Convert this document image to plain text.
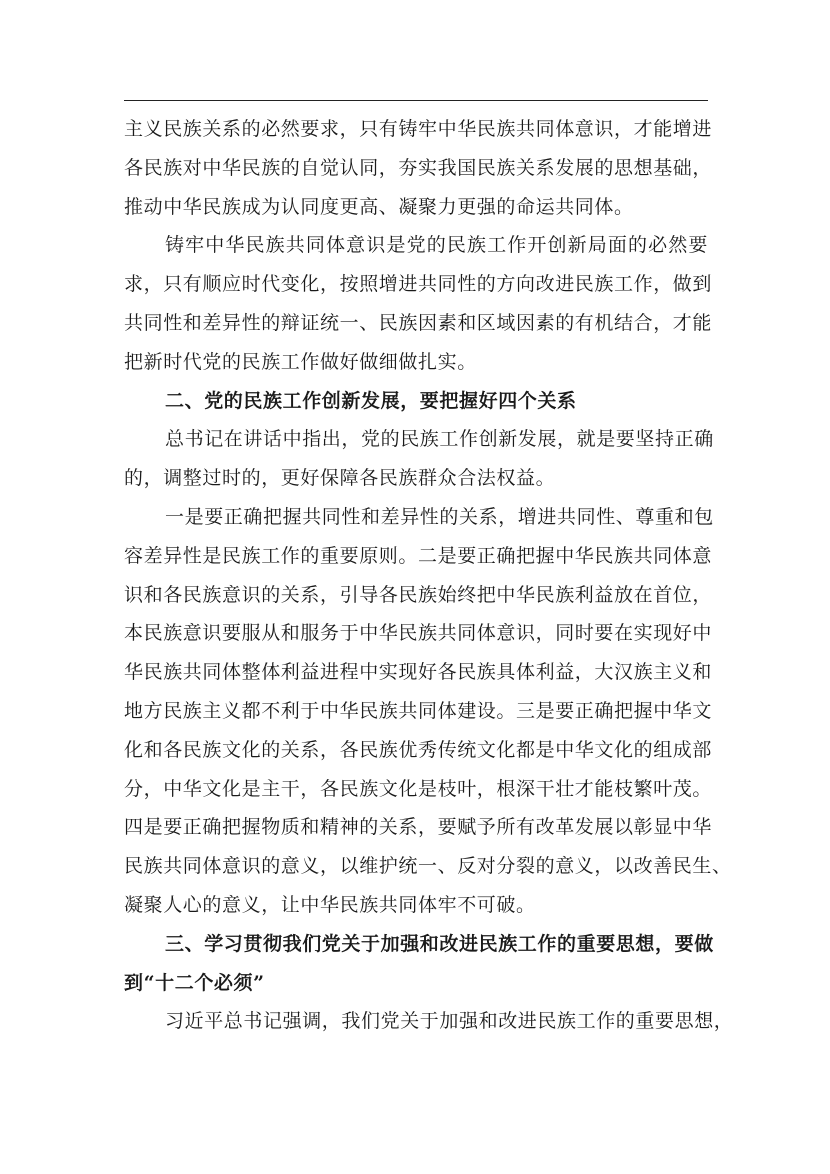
主义民族关系的必然要求，只有铸牢中华民族共同体意识，才能增进
各民族对中华民族的自觉认同，夯实我国民族关系发展的思想基础，
推动中华民族成为认同度更高、凝聚力更强的命运共同体。
铸牢中华民族共同体意识是党的民族工作开创新局面的必然要
求，只有顺应时代变化，按照增进共同性的方向改进民族工作，做到
共同性和差异性的辩证统一、民族因素和区域因素的有机结合，才能
把新时代党的民族工作做好做细做扎实。
二、党的民族工作创新发展，要把握好四个关系
总书记在讲话中指出，党的民族工作创新发展，就是要坚持正确
的，调整过时的，更好保障各民族群众合法权益。
一是要正确把握共同性和差异性的关系，增进共同性、尊重和包
容差异性是民族工作的重要原则。二是要正确把握中华民族共同体意
识和各民族意识的关系，引导各民族始终把中华民族利益放在首位，
本民族意识要服从和服务于中华民族共同体意识，同时要在实现好中
华民族共同体整体利益进程中实现好各民族具体利益，大汉族主义和
地方民族主义都不利于中华民族共同体建设。三是要正确把握中华文
化和各民族文化的关系，各民族优秀传统文化都是中华文化的组成部
分，中华文化是主干，各民族文化是枝叶，根深干壮才能枝繁叶茂。
四是要正确把握物质和精神的关系，要赋予所有改革发展以彰显中华
民族共同体意识的意义，以维护统一、反对分裂的意义，以改善民生、
凝聚人心的意义，让中华民族共同体牢不可破。
三、学习贯彻我们党关于加强和改进民族工作的重要思想，要做
到“十二个必须”
习近平总书记强调，我们党关于加强和改进民族工作的重要思想，
